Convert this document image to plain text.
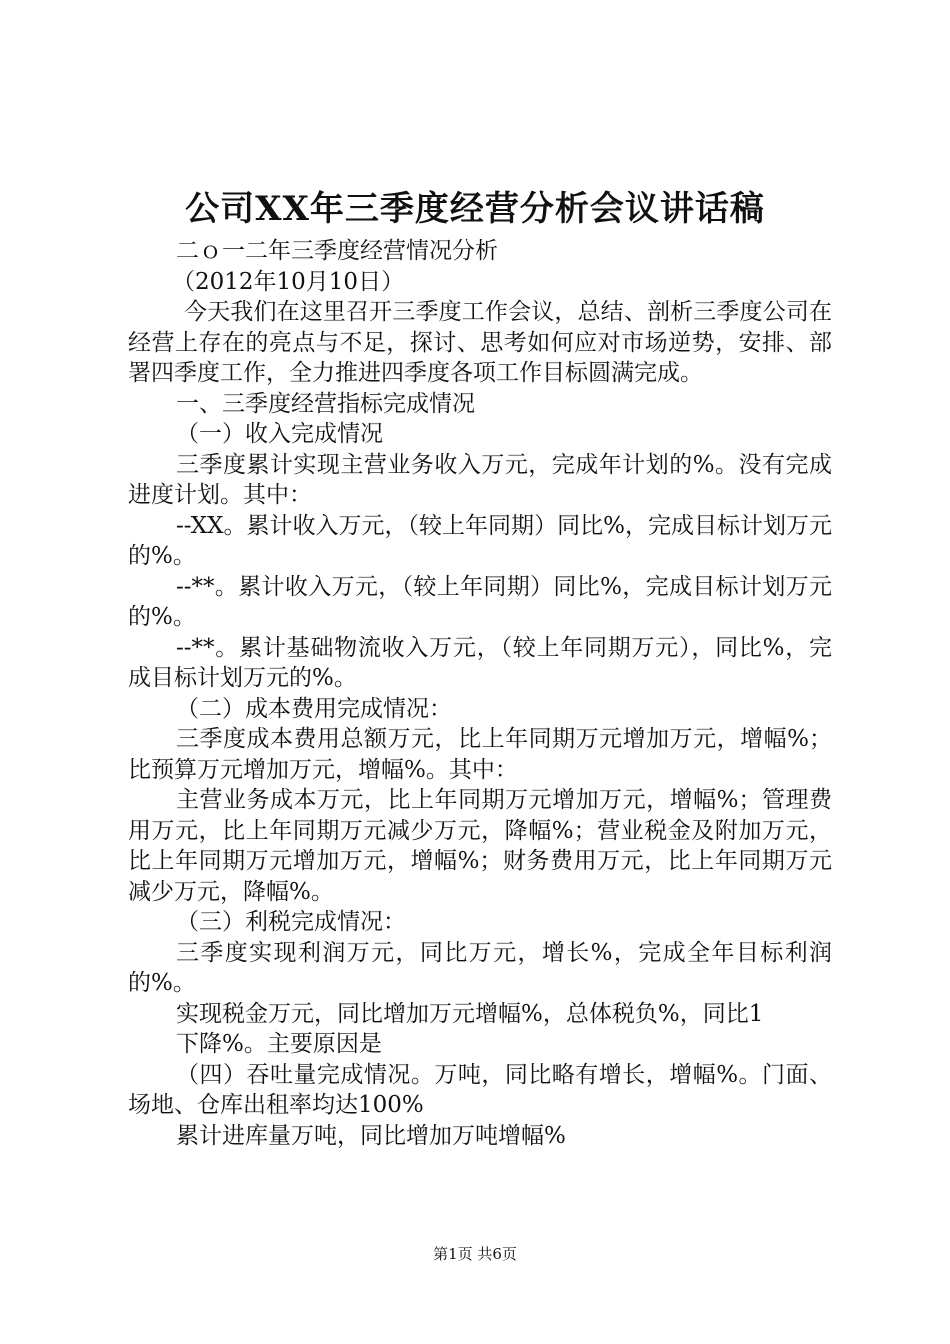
公司XX年三季度经营分析会议讲话稿

二ｏ一二年三季度经营情况分析

（2012年10月10日）

今天我们在这里召开三季度工作会议，总结、剖析三季度公司在经营上存在的亮点与不足，探讨、思考如何应对市场逆势，安排、部署四季度工作，全力推进四季度各项工作目标圆满完成。

一、三季度经营指标完成情况

（一）收入完成情况

三季度累计实现主营业务收入万元，完成年计划的%。没有完成进度计划。其中：

--XX。累计收入万元，（较上年同期）同比%，完成目标计划万元的%。

--**。累计收入万元，（较上年同期）同比%，完成目标计划万元的%。

--**。累计基础物流收入万元，（较上年同期万元），同比%，完成目标计划万元的%。

（二）成本费用完成情况：

三季度成本费用总额万元，比上年同期万元增加万元，增幅%；比预算万元增加万元，增幅%。其中：

主营业务成本万元，比上年同期万元增加万元，增幅%；管理费用万元，比上年同期万元减少万元，降幅%；营业税金及附加万元，比上年同期万元增加万元，增幅%；财务费用万元，比上年同期万元减少万元，降幅%。

（三）利税完成情况：

三季度实现利润万元，同比万元，增长%，完成全年目标利润的%。

实现税金万元，同比增加万元增幅%，总体税负%，同比1

下降%。主要原因是

（四）吞吐量完成情况。万吨，同比略有增长，增幅%。门面、场地、仓库出租率均达100%

累计进库量万吨，同比增加万吨增幅%

第1页 共6页
